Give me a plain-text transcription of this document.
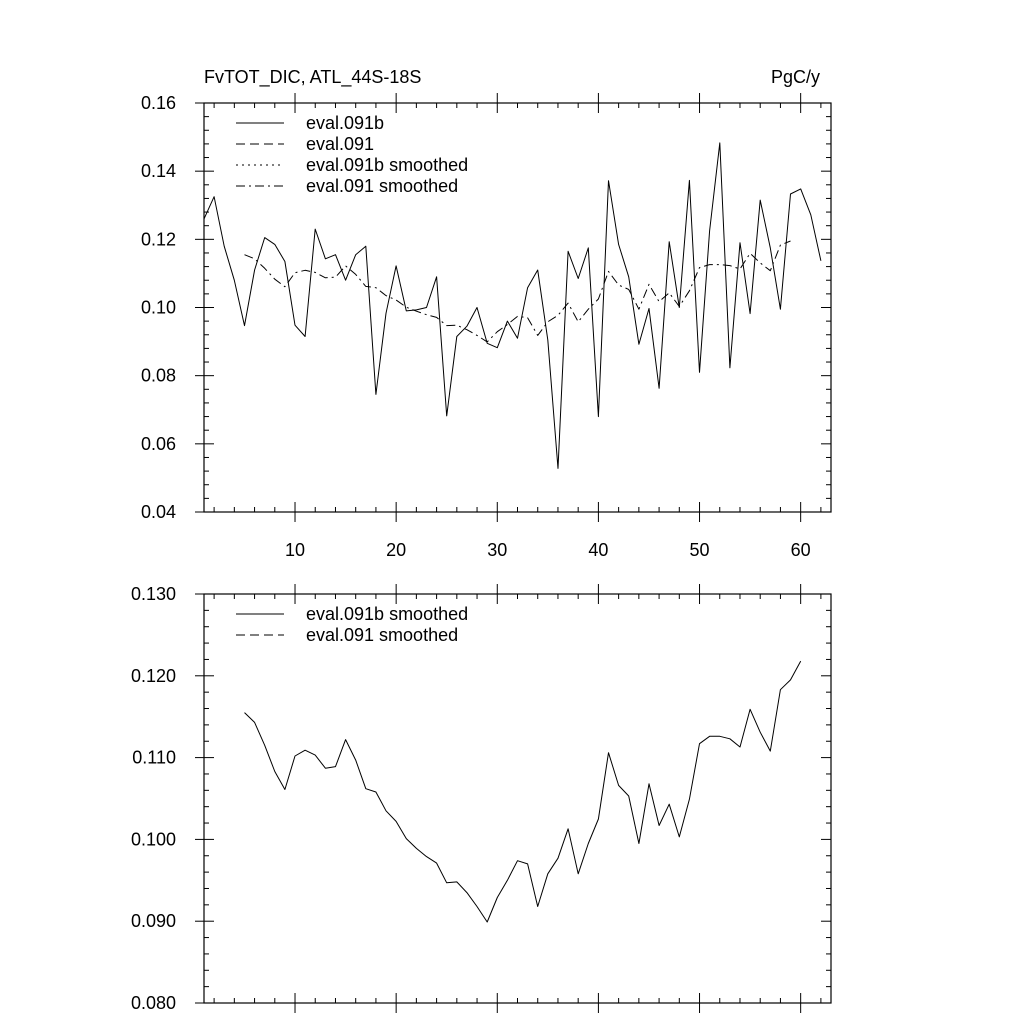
FvTOT_DIC, ATL_44S-18S	PgC/y
0.04
0.06
0.08
0.10
0.12
0.14
0.16
10	20	30	40	50	60
eval.091b
eval.091
eval.091b smoothed
eval.091 smoothed
0.080
0.090
0.100
0.110
0.120
0.130
eval.091b smoothed
eval.091 smoothed
